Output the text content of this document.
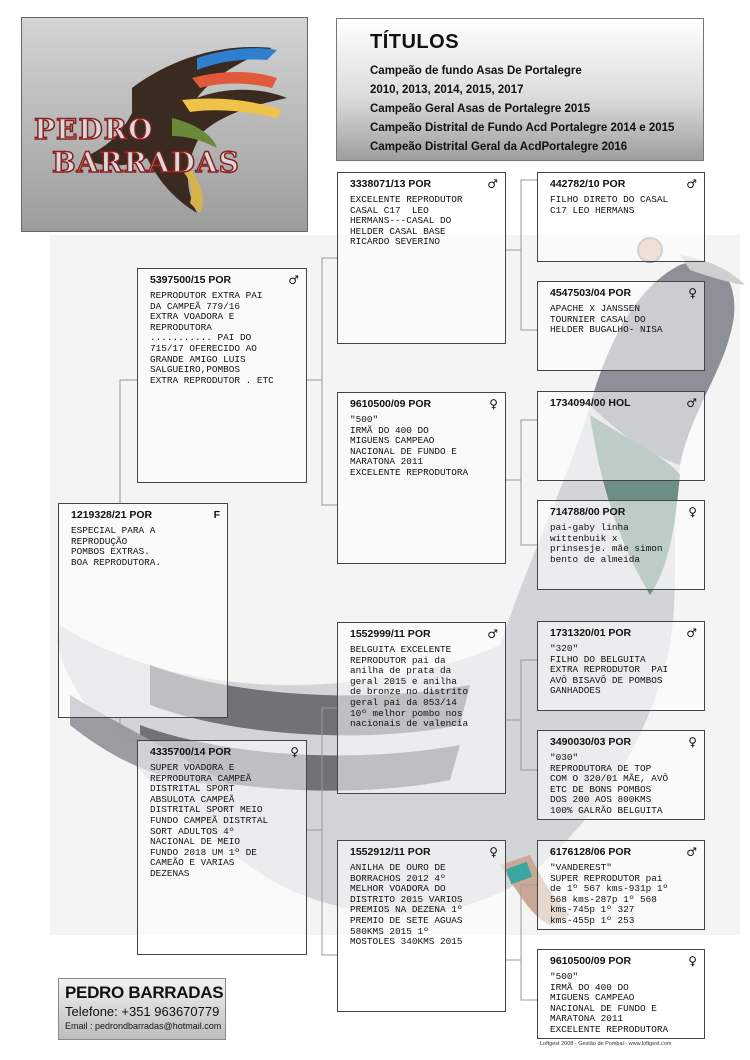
PEDRO
BARRADAS
TÍTULOS
Campeão de fundo Asas De Portalegre
2010, 2013, 2014, 2015, 2017
Campeão Geral Asas de Portalegre 2015
Campeão Distrital de Fundo Acd Portalegre 2014 e 2015
Campeão Distrital Geral da AcdPortalegre 2016
1219328/21 POR	F
ESPECIAL PARA A
REPRODUÇÃO
POMBOS EXTRAS.
BOA REPRODUTORA.
5397500/15 POR	♂
REPRODUTOR EXTRA PAI
DA CAMPEÃ 779/16
EXTRA VOADORA E
REPRODUTORA
........... PAI DO
715/17 OFERECIDO AO
GRANDE AMIGO LUIS
SALGUEIRO,POMBOS
EXTRA REPRODUTOR . ETC
4335700/14 POR	♀
SUPER VOADORA E
REPRODUTORA CAMPEÃ
DISTRITAL SPORT
ABSULOTA CAMPEÃ
DISTRITAL SPORT MEIO
FUNDO CAMPEÃ DISTRTAL
SORT ADULTOS 4º
NACIONAL DE MEIO
FUNDO 2018 UM 1º DE
CAMEÃO E VARIAS
DEZENAS
3338071/13 POR	♂
EXCELENTE REPRODUTOR
CASAL C17  LEO
HERMANS---CASAL DO
HELDER CASAL BASE
RICARDO SEVERINO
9610500/09 POR	♀
"500"
IRMÃ DO 400 DO
MIGUENS CAMPEAO
NACIONAL DE FUNDO E
MARATONA 2011
EXCELENTE REPRODUTORA
1552999/11 POR	♂
BELGUITA EXCELENTE
REPRODUTOR pai da
anilha de prata da
geral 2015 e anilha
de bronze no distrito
geral pai da 053/14
10º melhor pombo nos
nacionais de valencia
1552912/11 POR	♀
ANILHA DE OURO DE
BORRACHOS 2012 4º
MELHOR VOADORA DO
DISTRITO 2015 VARIOS
PREMIOS NA DEZENA 1º
PREMIO DE SETE AGUAS
580KMS 2015 1º
MOSTOLES 340KMS 2015
442782/10 POR	♂
FILHO DIRETO DO CASAL
C17 LEO HERMANS
4547503/04 POR	♀
APACHE X JANSSEN
TOURNIER CASAL DO
HELDER BUGALHO- NISA
1734094/00 HOL	♂
714788/00 POR	♀
pai-gaby linha
wittenbuik x
prinsesje. mãe simon
bento de almeida
1731320/01 POR	♂
"320"
FILHO DO BELGUITA
EXTRA REPRODUTOR  PAI
AVÔ BISAVÔ DE POMBOS
GANHADOES
3490030/03 POR	♀
"030"
REPRODUTORA DE TOP
COM O 320/01 MÃE, AVÔ
ETC DE BONS POMBOS
DOS 200 AOS 800KMS
100% GALRÃO BELGUITA
6176128/06 POR	♂
"VANDEREST"
SUPER REPRODUTOR pai
de 1º 567 kms-931p 1º
568 kms-287p 1º 568
kms-745p 1º 327
kms-455p 1º 253
9610500/09 POR	♀
"500"
IRMÃ DO 400 DO
MIGUENS CAMPEAO
NACIONAL DE FUNDO E
MARATONA 2011
EXCELENTE REPRODUTORA
PEDRO BARRADAS
Telefone: +351 963670779
Email : pedrondbarradas@hotmail.com
Loftgest 2008 - Gestão de Pombal - www.loftgest.com
